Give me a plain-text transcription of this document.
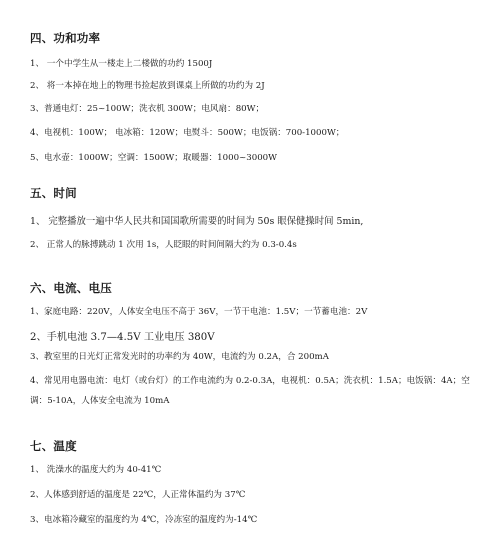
四、功和功率
1、 一个中学生从一楼走上二楼做的功约 1500J
2、 将一本掉在地上的物理书捡起放到课桌上所做的功约为 2J
3、普通电灯：25~100W；洗衣机 300W；电风扇：80W；
4、电视机：100W； 电冰箱：120W；电熨斗：500W；电饭锅：700-1000W；
5、电水壶：1000W；空调：1500W；取暖器：1000~3000W
五、时间
1、 完整播放一遍中华人民共和国国歌所需要的时间为 50s 眼保健操时间 5min,
2、 正常人的脉搏跳动 1 次用 1s，人眨眼的时间间隔大约为 0.3-0.4s
六、电流、电压
1、家庭电路：220V，人体安全电压不高于 36V，一节干电池：1.5V；一节蓄电池：2V
2、手机电池 3.7—4.5V 工业电压 380V
3、教室里的日光灯正常发光时的功率约为 40W，电流约为 0.2A，合 200mA
4、常见用电器电流：电灯（或台灯）的工作电流约为 0.2-0.3A，电视机：0.5A；洗衣机：1.5A；电饭锅：4A；空调：5-10A，人体安全电流为 10mA
七、温度
1、 洗澡水的温度大约为 40-41℃
2、人体感到舒适的温度是 22℃，人正常体温约为 37℃
3、电冰箱冷藏室的温度约为 4℃，冷冻室的温度约为-14℃
